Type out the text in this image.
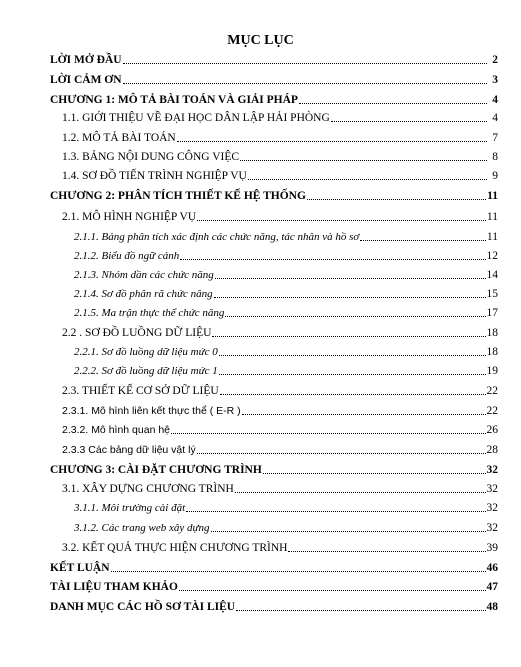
MỤC LỤC
LỜI MỞ ĐẦU	2
LỜI CẢM ƠN	3
CHƯƠNG 1: MÔ TẢ BÀI TOÁN VÀ GIẢI PHÁP	4
1.1. GIỚI THIỆU VỀ ĐẠI HỌC DÂN LẬP HẢI PHÒNG	4
1.2. MÔ TẢ BÀI TOÁN	7
1.3. BẢNG NỘI DUNG CÔNG VIỆC	8
1.4. SƠ ĐỒ TIẾN TRÌNH NGHIỆP VỤ	9
CHƯƠNG 2: PHÂN TÍCH THIẾT KẾ HỆ THỐNG	11
2.1. MÔ HÌNH NGHIỆP VỤ	11
2.1.1. Bảng phân tích xác định các chức năng, tác nhân và hồ sơ	11
2.1.2. Biểu đồ ngữ cảnh	12
2.1.3. Nhóm dần các chức năng	14
2.1.4. Sơ đồ phân rã chức năng	15
2.1.5. Ma trận thực thể chức năng	17
2.2 . SƠ ĐỒ LUỒNG DỮ LIỆU	18
2.2.1. Sơ đồ luồng dữ liệu mức 0	18
2.2.2. Sơ đồ luồng dữ liệu mức 1	19
2.3. THIẾT KẾ CƠ SỞ DỮ LIỆU	22
2.3.1. Mô hình liên kết thực thể ( E-R )	22
2.3.2. Mô hình quan hệ	26
2.3.3 Các bảng dữ liệu vật lý	28
CHƯƠNG 3: CÀI ĐẶT CHƯƠNG TRÌNH	32
3.1. XÂY DỰNG CHƯƠNG TRÌNH	32
3.1.1. Môi trường cài đặt	32
3.1.2. Các trang web xây dựng	32
3.2. KẾT QUẢ THỰC HIỆN CHƯƠNG TRÌNH	39
KẾT LUẬN	46
TÀI LIỆU THAM KHẢO	47
DANH MỤC CÁC HỒ SƠ TÀI LIỆU	48
